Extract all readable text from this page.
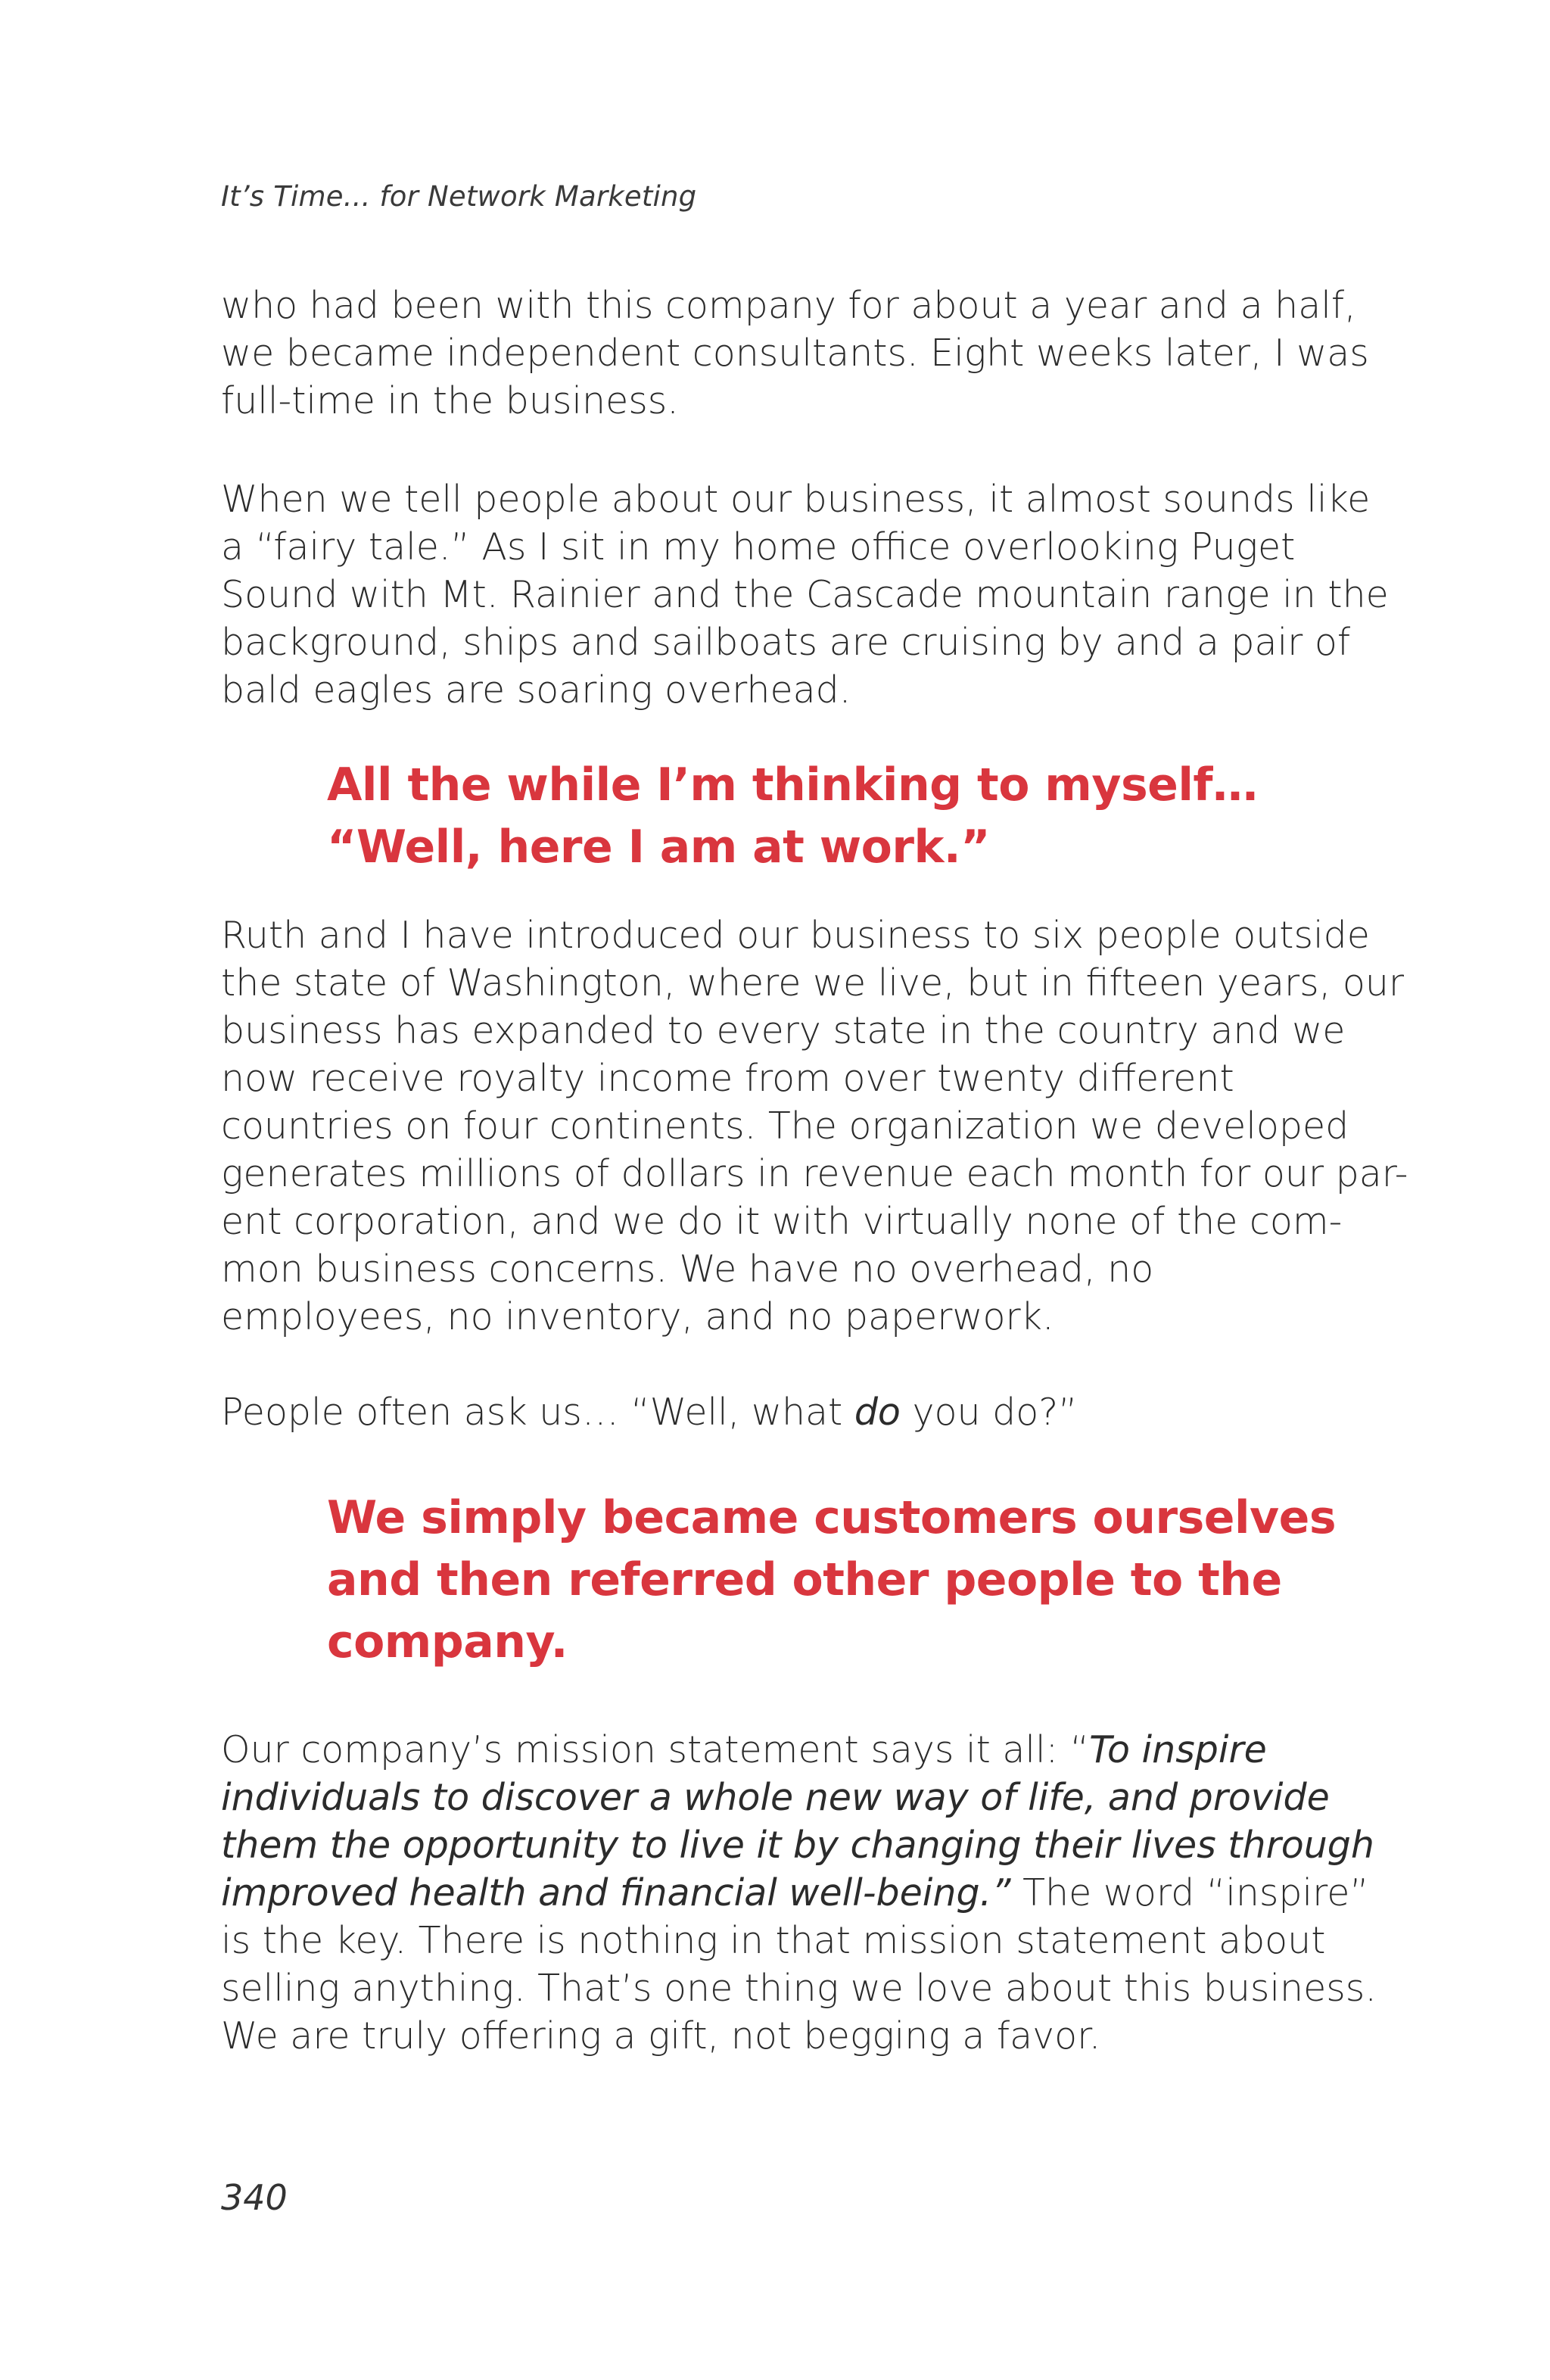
It’s Time... for Network Marketing

who had been with this company for about a year and a half,
we became independent consultants. Eight weeks later, I was
full-time in the business.

When we tell people about our business, it almost sounds like
a “fairy tale.” As I sit in my home office overlooking Puget
Sound with Mt. Rainier and the Cascade mountain range in the
background, ships and sailboats are cruising by and a pair of
bald eagles are soaring overhead.

All the while I’m thinking to myself…
“Well, here I am at work.”

Ruth and I have introduced our business to six people outside
the state of Washington, where we live, but in fifteen years, our
business has expanded to every state in the country and we
now receive royalty income from over twenty different
countries on four continents. The organization we developed
generates millions of dollars in revenue each month for our par-
ent corporation, and we do it with virtually none of the com-
mon business concerns. We have no overhead, no
employees, no inventory, and no paperwork.

People often ask us… “Well, what do you do?”

We simply became customers ourselves
and then referred other people to the
company.

Our company’s mission statement says it all: “To inspire
individuals to discover a whole new way of life, and provide
them the opportunity to live it by changing their lives through
improved health and financial well-being.” The word “inspire”
is the key. There is nothing in that mission statement about
selling anything. That’s one thing we love about this business.
We are truly offering a gift, not begging a favor.

340
